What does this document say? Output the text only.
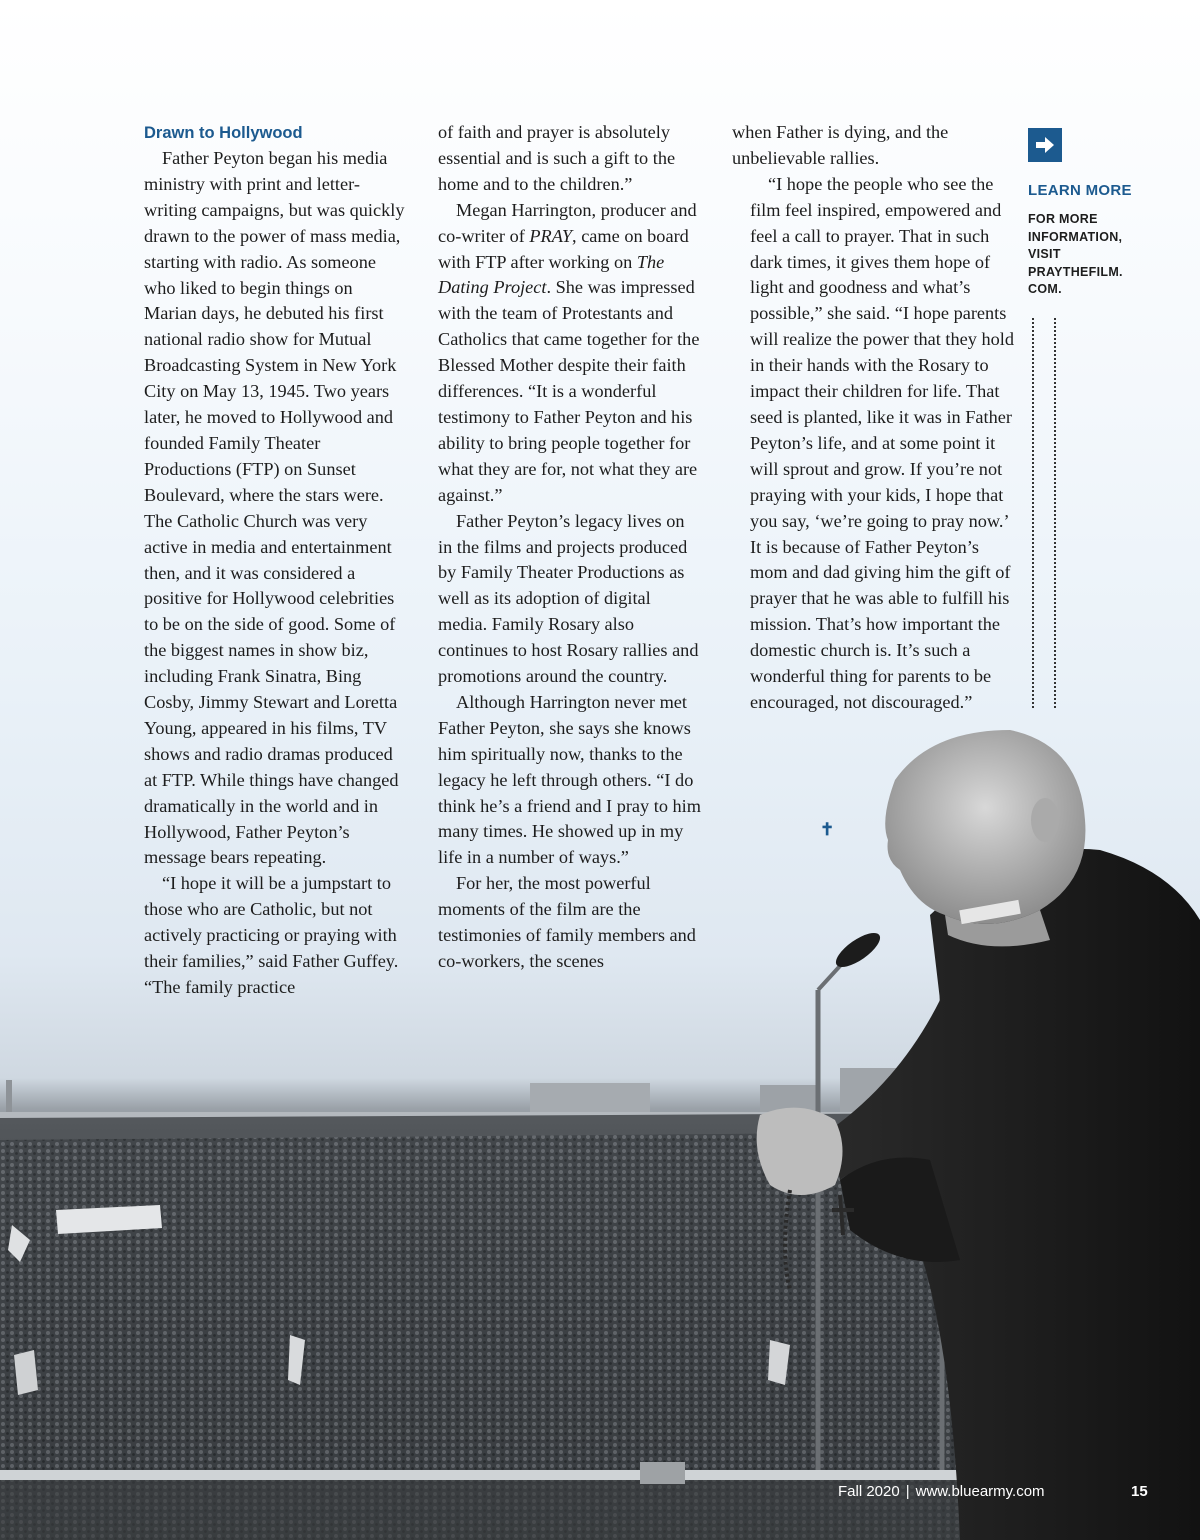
Drawn to Hollywood

Father Peyton began his media ministry with print and letter-writing campaigns, but was quickly drawn to the power of mass media, starting with radio. As someone who liked to begin things on Marian days, he debuted his first national radio show for Mutual Broadcasting System in New York City on May 13, 1945. Two years later, he moved to Hollywood and founded Family Theater Productions (FTP) on Sunset Boulevard, where the stars were. The Catholic Church was very active in media and entertainment then, and it was considered a positive for Hollywood celebrities to be on the side of good. Some of the biggest names in show biz, including Frank Sinatra, Bing Cosby, Jimmy Stewart and Loretta Young, appeared in his films, TV shows and radio dramas produced at FTP. While things have changed dramatically in the world and in Hollywood, Father Peyton’s message bears repeating.

“I hope it will be a jumpstart to those who are Catholic, but not actively practicing or praying with their families,” said Father Guffey. “The family practice

of faith and prayer is absolutely essential and is such a gift to the home and to the children.”

Megan Harrington, producer and co-writer of PRAY, came on board with FTP after working on The Dating Project. She was impressed with the team of Protestants and Catholics that came together for the Blessed Mother despite their faith differences. “It is a wonderful testimony to Father Peyton and his ability to bring people together for what they are for, not what they are against.”

Father Peyton’s legacy lives on in the films and projects produced by Family Theater Productions as well as its adoption of digital media. Family Rosary also continues to host Rosary rallies and promotions around the country.

Although Harrington never met Father Peyton, she says she knows him spiritually now, thanks to the legacy he left through others. “I do think he’s a friend and I pray to him many times. He showed up in my life in a number of ways.”

For her, the most powerful moments of the film are the testimonies of family members and co-workers, the scenes

when Father is dying, and the unbelievable rallies.

“I hope the people who see the film feel inspired, empowered and feel a call to prayer. That in such dark times, it gives them hope of light and goodness and what’s possible,” she said. “I hope parents will realize the power that they hold in their hands with the Rosary to impact their children for life. That seed is planted, like it was in Father Peyton’s life, and at some point it will sprout and grow. If you’re not praying with your kids, I hope that you say, ‘we’re going to pray now.’ It is because of Father Peyton’s mom and dad giving him the gift of prayer that he was able to fulfill his mission. That’s how important the domestic church is. It’s such a wonderful thing for parents to be encouraged, not discouraged.”

✝
LEARN MORE
FOR MORE INFORMATION, VISIT PRAYTHEFILM. COM.
Fall 2020 | www.bluearmy.com	15
